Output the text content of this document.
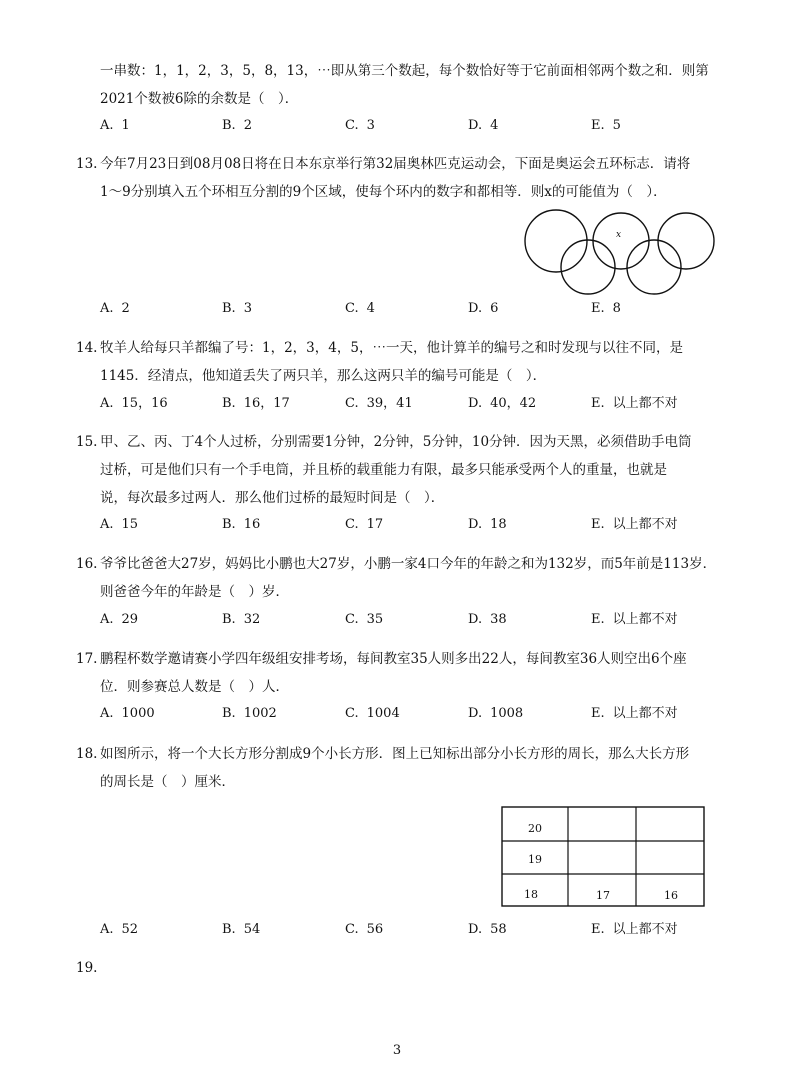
一串数：1，1，2，3，5，8，13，⋯即从第三个数起，每个数恰好等于它前面相邻两个数之和．则第
2021个数被6除的余数是（　）．
A. 1	B. 2	C. 3	D. 4	E. 5
13. 今年7月23日到08月08日将在日本东京举行第32届奥林匹克运动会，下面是奥运会五环标志．请将
1～9分别填入五个环相互分割的9个区域，使每个环内的数字和都相等．则x的可能值为（　）．
x
A. 2	B. 3	C. 4	D. 6	E. 8
14. 牧羊人给每只羊都编了号：1，2，3，4，5，⋯一天，他计算羊的编号之和时发现与以往不同，是
1145．经清点，他知道丢失了两只羊，那么这两只羊的编号可能是（　）．
A. 15，16	B. 16，17	C. 39，41	D. 40，42	E. 以上都不对
15. 甲、乙、丙、丁4个人过桥，分别需要1分钟，2分钟，5分钟，10分钟．因为天黑，必须借助手电筒
过桥，可是他们只有一个手电筒，并且桥的载重能力有限，最多只能承受两个人的重量，也就是
说，每次最多过两人．那么他们过桥的最短时间是（　）．
A. 15	B. 16	C. 17	D. 18	E. 以上都不对
16. 爷爷比爸爸大27岁，妈妈比小鹏也大27岁，小鹏一家4口今年的年龄之和为132岁，而5年前是113岁．
则爸爸今年的年龄是（　）岁．
A. 29	B. 32	C. 35	D. 38	E. 以上都不对
17. 鹏程杯数学邀请赛小学四年级组安排考场，每间教室35人则多出22人，每间教室36人则空出6个座
位．则参赛总人数是（　）人．
A. 1000	B. 1002	C. 1004	D. 1008	E. 以上都不对
18. 如图所示，将一个大长方形分割成9个小长方形．图上已知标出部分小长方形的周长，那么大长方形
的周长是（　）厘米．
20
19
18	17	16
A. 52	B. 54	C. 56	D. 58	E. 以上都不对
19.
3
